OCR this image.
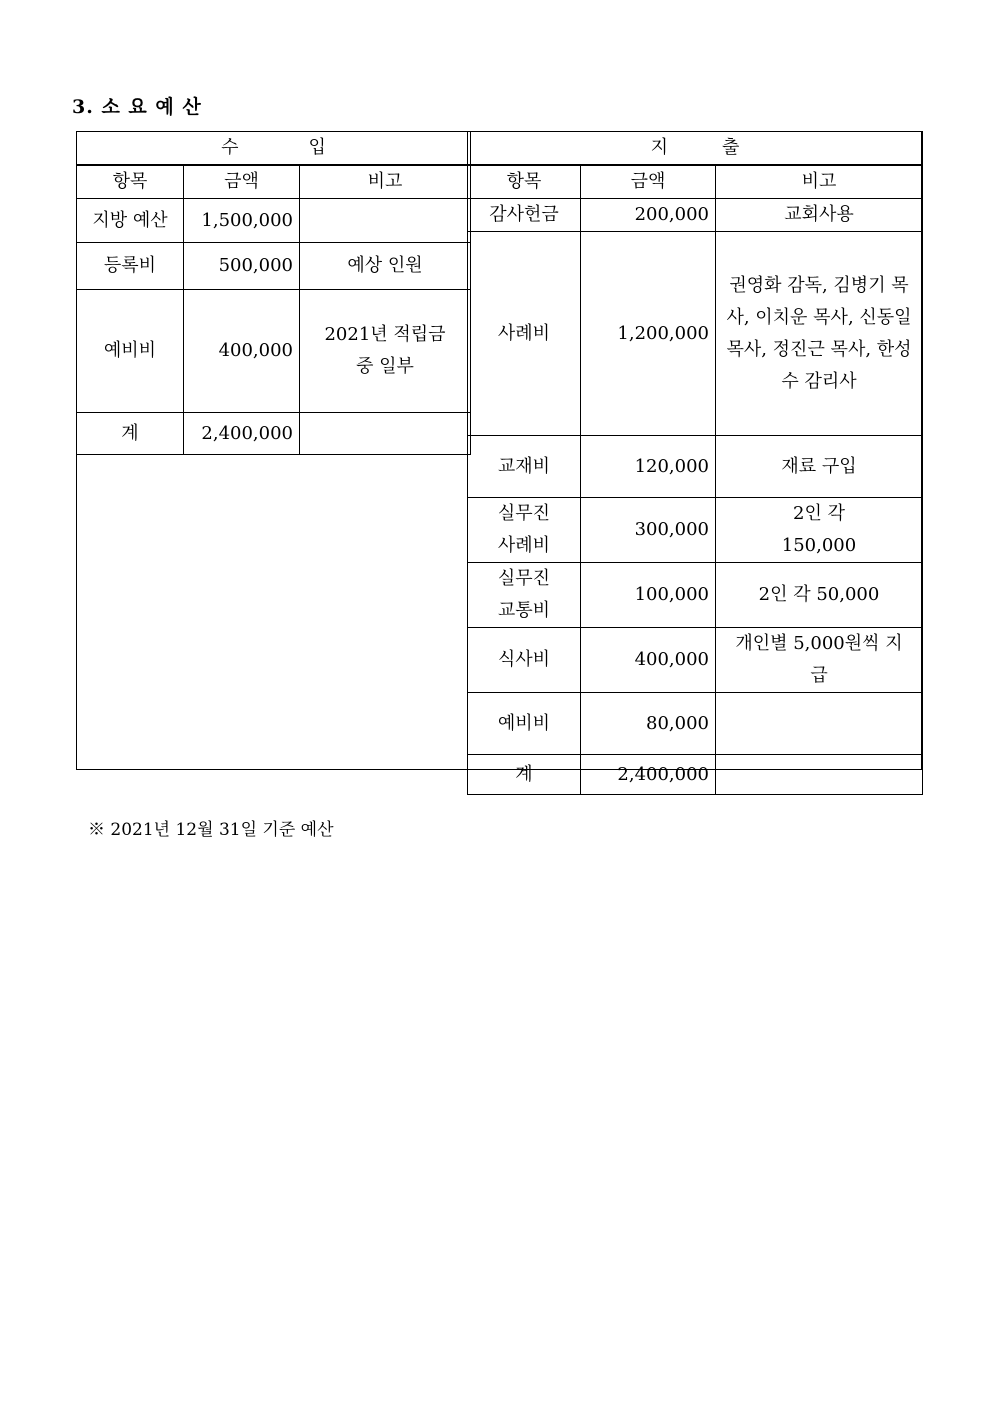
3. 소 요 예 산
수 입		
항목	금액	비고
지방 예산	1,500,000	
등록비	500,000	예상 인원
예비비	400,000	2021년 적립금 중 일부
계	2,400,000	
지 출		
항목	금액	비고
감사헌금	200,000	교회사용
사례비	1,200,000	권영화 감독, 김병기 목사, 이치운 목사, 신동일 목사, 정진근 목사, 한성수 감리사
교재비	120,000	재료 구입
실무진 사례비	300,000	2인 각 150,000
실무진 교통비	100,000	2인 각 50,000
식사비	400,000	개인별 5,000원씩 지급
예비비	80,000	
계	2,400,000	

※ 2021년 12월 31일 기준 예산
